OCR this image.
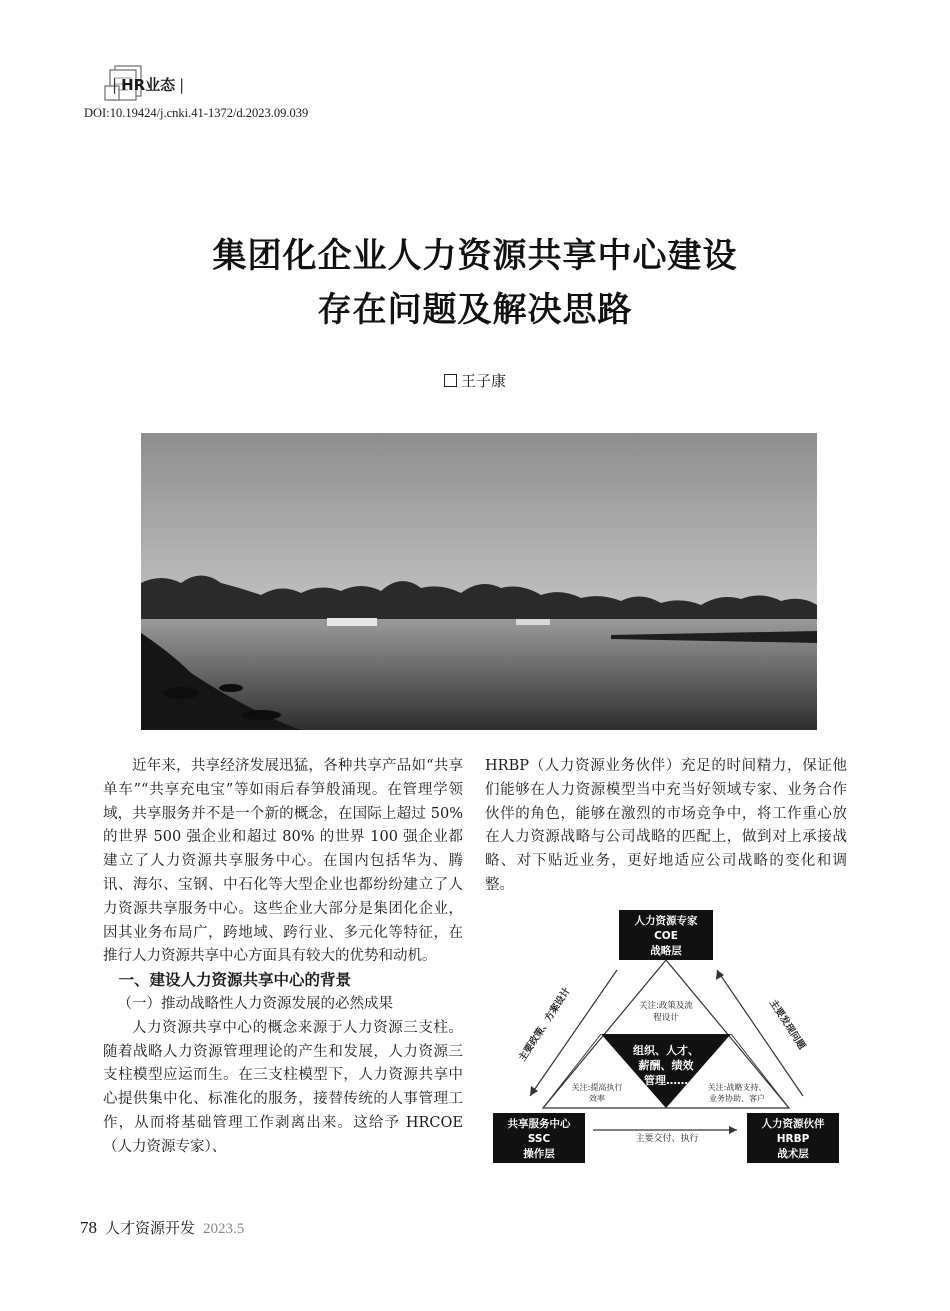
| HR业态 |
DOI:10.19424/j.cnki.41-1372/d.2023.09.039
集团化企业人力资源共享中心建设
存在问题及解决思路
王子康

近年来，共享经济发展迅猛，各种共享产品如“共享单车”“共享充电宝”等如雨后春笋般涌现。在管理学领域，共享服务并不是一个新的概念，在国际上超过 50% 的世界 500 强企业和超过 80% 的世界 100 强企业都建立了人力资源共享服务中心。在国内包括华为、腾讯、海尔、宝钢、中石化等大型企业也都纷纷建立了人力资源共享服务中心。这些企业大部分是集团化企业，因其业务布局广，跨地域、跨行业、多元化等特征，在推行人力资源共享中心方面具有较大的优势和动机。

一、建设人力资源共享中心的背景

（一）推动战略性人力资源发展的必然成果

人力资源共享中心的概念来源于人力资源三支柱。随着战略人力资源管理理论的产生和发展，人力资源三支柱模型应运而生。在三支柱模型下，人力资源共享中心提供集中化、标准化的服务，接替传统的人事管理工作，从而将基础管理工作剥离出来。这给予 HRCOE（人力资源专家）、

HRBP（人力资源业务伙伴）充足的时间精力，保证他们能够在人力资源模型当中充当好领域专家、业务合作伙伴的角色，能够在激烈的市场竞争中，将工作重心放在人力资源战略与公司战略的匹配上，做到对上承接战略、对下贴近业务，更好地适应公司战略的变化和调整。

人力资源专家
COE
战略层
共享服务中心
SSC
操作层
人力资源伙伴
HRBP
战术层
组织、人才、
薪酬、绩效
管理……
关注:政策及流
程设计
关注:提高执行
效率
关注:战略支持、
业务协助、客户
主要政策、方案设计	主要发现问题
主要交付、执行
78 人才资源开发 2023.5
